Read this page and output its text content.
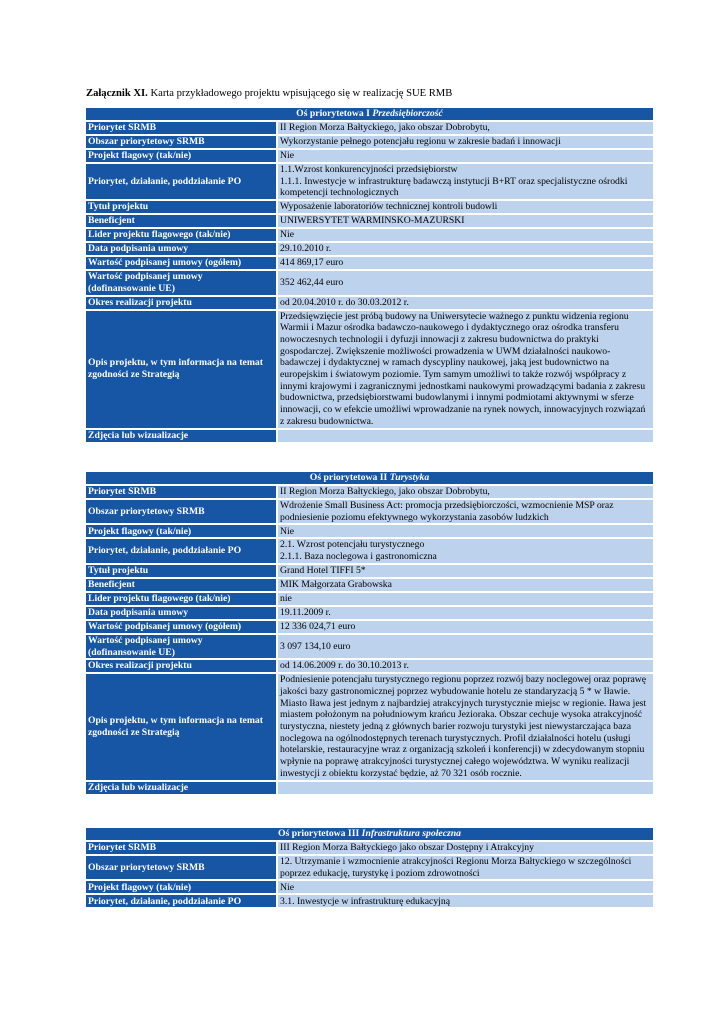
Załącznik XI. Karta przykładowego projektu wpisującego się w realizację SUE RMB
Oś priorytetowa I Przedsiębiorczość	
Priorytet SRMB	II Region Morza Bałtyckiego, jako obszar Dobrobytu,
Obszar priorytetowy SRMB	Wykorzystanie pełnego potencjału regionu w zakresie badań i innowacji
Projekt flagowy (tak/nie)	Nie
Priorytet, działanie, poddziałanie PO	1.1.Wzrost konkurencyjności przedsiębiorstw
1.1.1. Inwestycje w infrastrukturę badawczą instytucji B+RT oraz specjalistyczne ośrodki kompetencji technologicznych

Tytuł projektu	Wyposażenie laboratoriów technicznej kontroli budowli
Beneficjent	UNIWERSYTET WARMINSKO-MAZURSKI
Lider projektu flagowego (tak/nie)	Nie
Data podpisania umowy	29.10.2010 r.
Wartość podpisanej umowy (ogółem)	414 869,17 euro

Wartość podpisanej umowy
(dofinansowanie UE)	352 462,44 euro
Okres realizacji projektu	od 20.04.2010 r. do 30.03.2012 r.

Opis projektu, w tym informacja na temat
zgodności ze Strategią	Przedsięwzięcie jest próbą budowy na Uniwersytecie ważnego z punktu widzenia regionu Warmii i Mazur ośrodka badawczo-naukowego i dydaktycznego oraz ośrodka transferu nowoczesnych technologii i dyfuzji innowacji z zakresu budownictwa do praktyki gospodarczej. Zwiększenie możliwości prowadzenia w UWM działalności naukowo-badawczej i dydaktycznej w ramach dyscypliny naukowej, jaką jest budownictwo na europejskim i światowym poziomie. Tym samym umożliwi to także rozwój współpracy z innymi krajowymi i zagranicznymi jednostkami naukowymi prowadzącymi badania z zakresu budownictwa, przedsiębiorstwami budowlanymi i innymi podmiotami aktywnymi w sferze innowacji, co w efekcie umożliwi wprowadzanie na rynek nowych, innowacyjnych rozwiązań z zakresu budownictwa.
Zdjęcia lub wizualizacje	
Oś priorytetowa II Turystyka	
Priorytet SRMB	II Region Morza Bałtyckiego, jako obszar Dobrobytu,
Obszar priorytetowy SRMB	Wdrożenie Small Business Act: promocja przedsiębiorczości, wzmocnienie MSP oraz podniesienie poziomu efektywnego wykorzystania zasobów ludzkich
Projekt flagowy (tak/nie)	Nie
Priorytet, działanie, poddziałanie PO	2.1. Wzrost potencjału turystycznego
2.1.1. Baza noclegowa i gastronomiczna

Tytuł projektu	Grand Hotel TIFFI 5*
Beneficjent	MIK Małgorzata Grabowska
Lider projektu flagowego (tak/nie)	nie
Data podpisania umowy	19.11.2009 r.
Wartość podpisanej umowy (ogółem)	12 336 024,71 euro

Wartość podpisanej umowy
(dofinansowanie UE)	3 097 134,10 euro
Okres realizacji projektu	od 14.06.2009 r. do 30.10.2013 r.

Opis projektu, w tym informacja na temat
zgodności ze Strategią	Podniesienie potencjału turystycznego regionu poprzez rozwój bazy noclegowej oraz poprawę jakości bazy gastronomicznej poprzez wybudowanie hotelu ze standaryzacją 5 * w Iławie. Miasto Iława jest jednym z najbardziej atrakcyjnych turystycznie miejsc w regionie. Iława jest miastem położonym na południowym krańcu Jezioraka. Obszar cechuje wysoka atrakcyjność turystyczna, niestety jedną z głównych barier rozwoju turystyki jest niewystarczająca baza noclegowa na ogólnodostępnych terenach turystycznych. Profil działalności hotelu (usługi hotelarskie, restauracyjne wraz z organizacją szkoleń i konferencji) w zdecydowanym stopniu wpłynie na poprawę atrakcyjności turystycznej całego województwa. W wyniku realizacji inwestycji z obiektu korzystać będzie, aż 70 321 osób rocznie.
Zdjęcia lub wizualizacje	
Oś priorytetowa III Infrastruktura społeczna	
Priorytet SRMB	III Region Morza Bałtyckiego jako obszar Dostępny i Atrakcyjny
Obszar priorytetowy SRMB	12. Utrzymanie i wzmocnienie atrakcyjności Regionu Morza Bałtyckiego w szczególności poprzez edukację, turystykę i poziom zdrowotności
Projekt flagowy (tak/nie)	Nie
Priorytet, działanie, poddziałanie PO	3.1. Inwestycje w infrastrukturę edukacyjną
